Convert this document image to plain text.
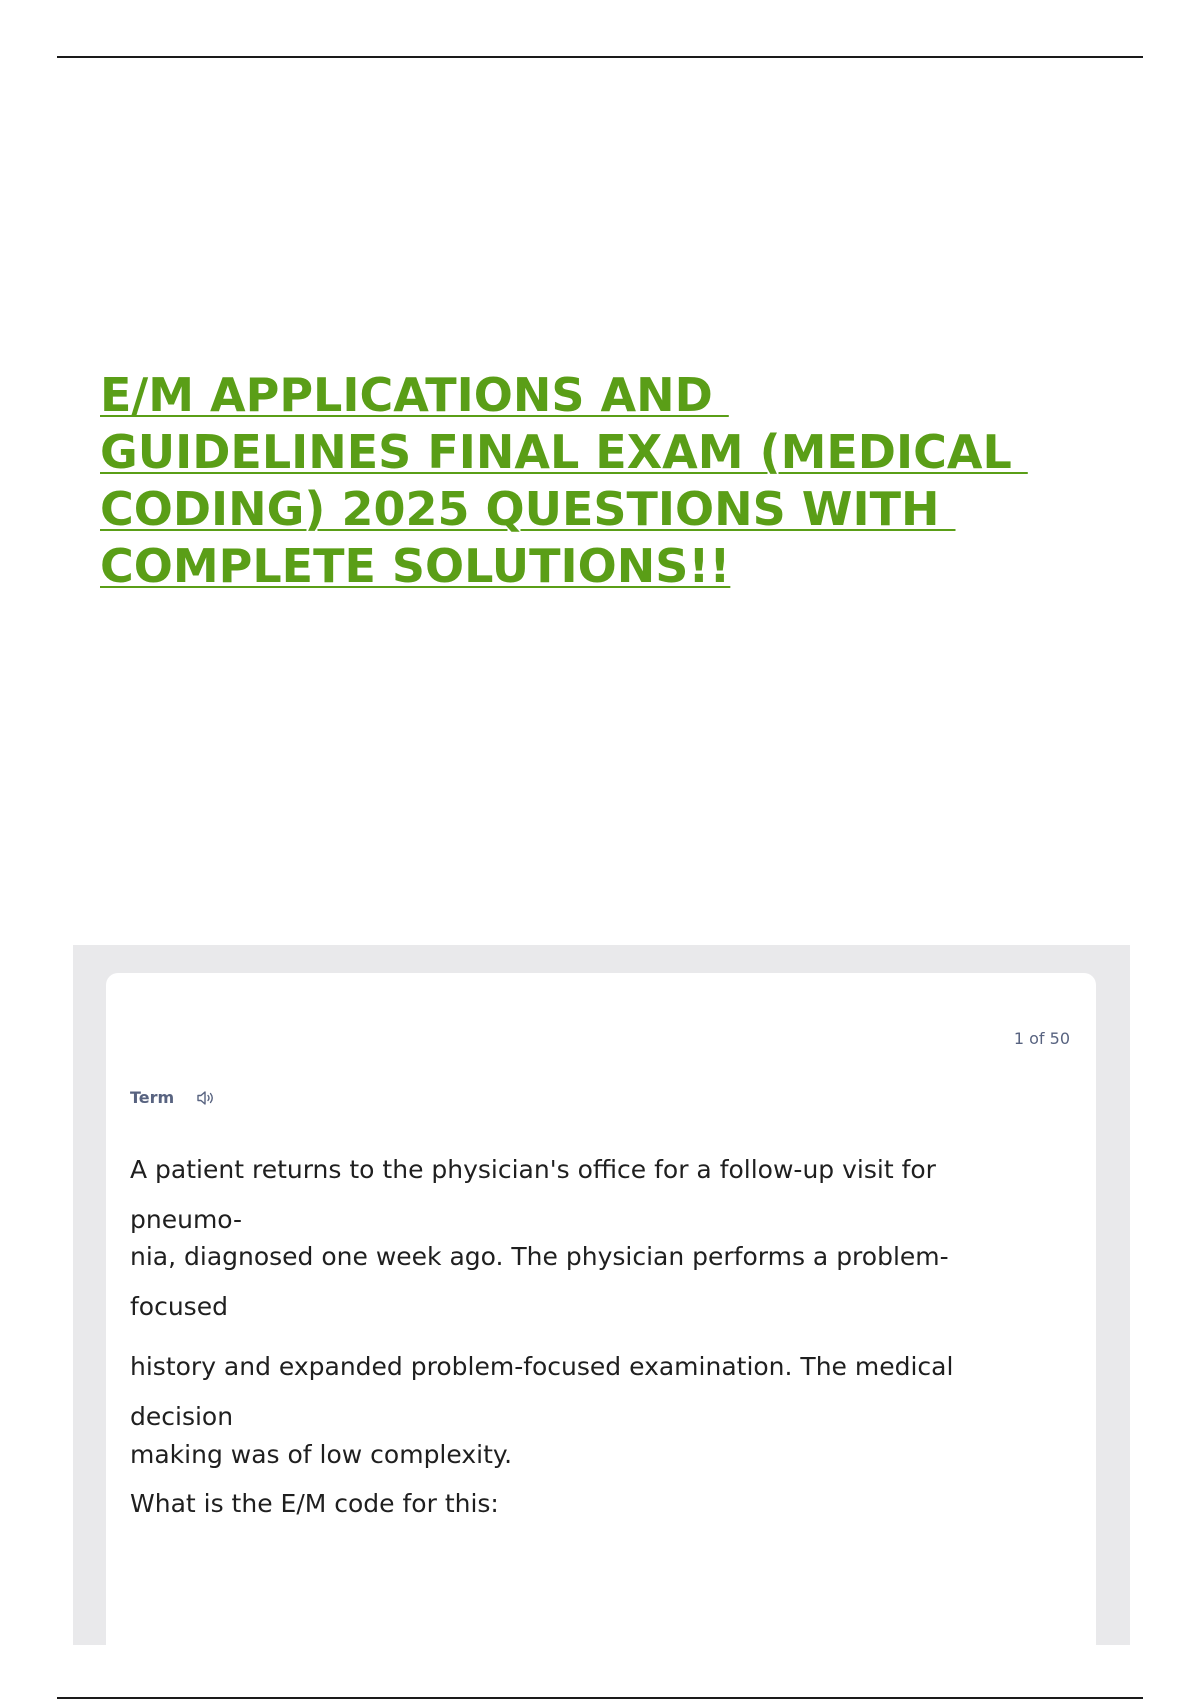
E/M APPLICATIONS AND
GUIDELINES FINAL EXAM (MEDICAL
CODING) 2025 QUESTIONS WITH
COMPLETE SOLUTIONS!!
1 of 50
Term
A patient returns to the physician's office for a follow-up visit for
pneumo-
nia, diagnosed one week ago. The physician performs a problem-
focused
history and expanded problem-focused examination. The medical
decision
making was of low complexity.
What is the E/M code for this:
